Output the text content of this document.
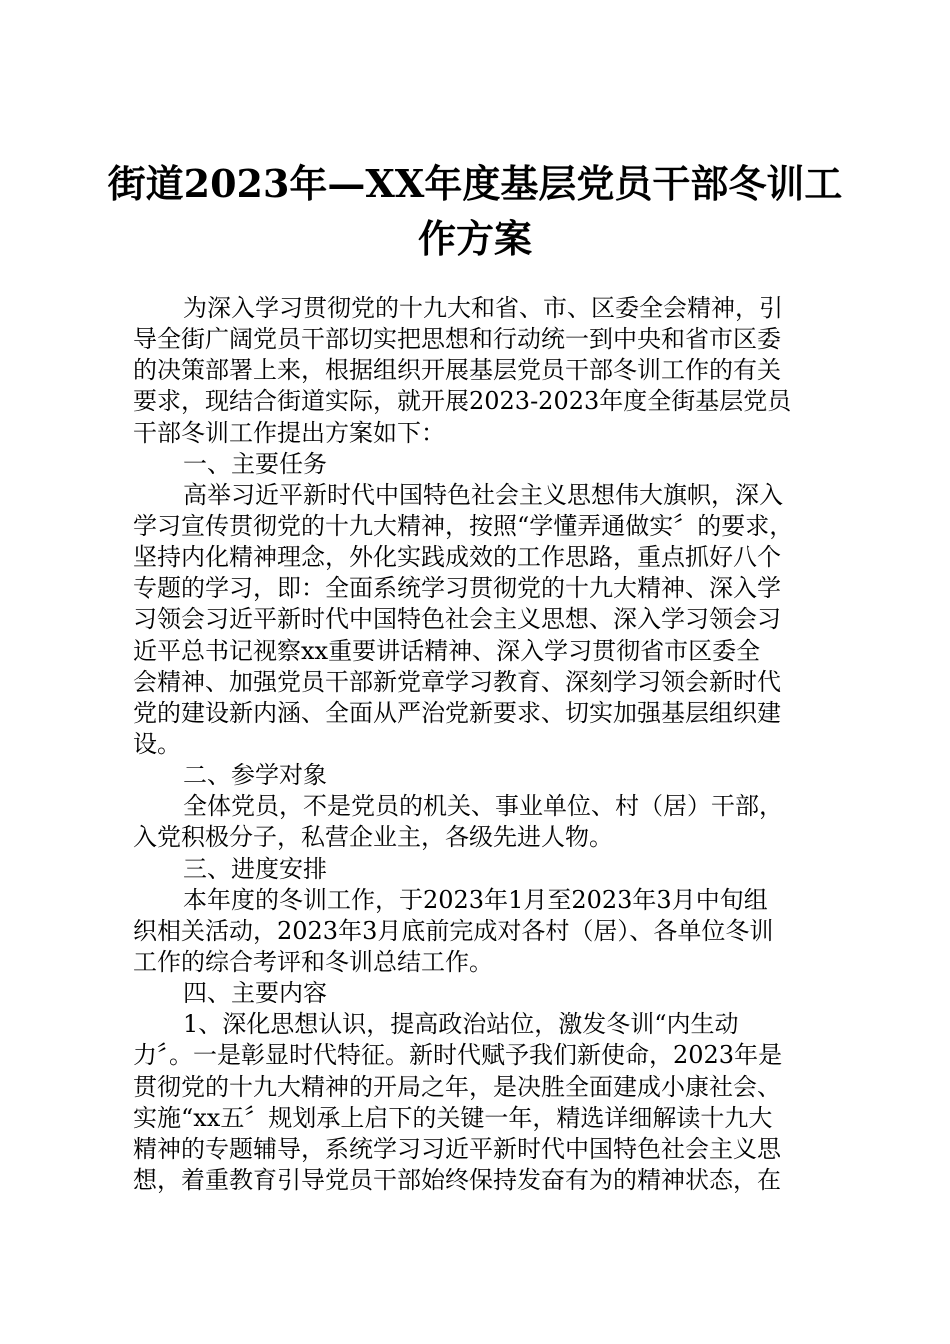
街道2023年—XX年度基层党员干部冬训工
作方案
为深入学习贯彻党的十九大和省、市、区委全会精神，引
导全街广阔党员干部切实把思想和行动统一到中央和省市区委
的决策部署上来，根据组织开展基层党员干部冬训工作的有关
要求，现结合街道实际，就开展2023-2023年度全街基层党员
干部冬训工作提出方案如下：
一、主要任务
高举习近平新时代中国特色社会主义思想伟大旗帜，深入
学习宣传贯彻党的十九大精神，按照“学懂弄通做实〞的要求，
坚持内化精神理念，外化实践成效的工作思路，重点抓好八个
专题的学习，即：全面系统学习贯彻党的十九大精神、深入学
习领会习近平新时代中国特色社会主义思想、深入学习领会习
近平总书记视察xx重要讲话精神、深入学习贯彻省市区委全
会精神、加强党员干部新党章学习教育、深刻学习领会新时代
党的建设新内涵、全面从严治党新要求、切实加强基层组织建
设。
二、参学对象
全体党员，不是党员的机关、事业单位、村（居）干部，
入党积极分子，私营企业主，各级先进人物。
三、进度安排
本年度的冬训工作，于2023年1月至2023年3月中旬组
织相关活动，2023年3月底前完成对各村（居）、各单位冬训
工作的综合考评和冬训总结工作。
四、主要内容
1、深化思想认识，提高政治站位，激发冬训“内生动
力〞。一是彰显时代特征。新时代赋予我们新使命，2023年是
贯彻党的十九大精神的开局之年，是决胜全面建成小康社会、
实施“xx五〞规划承上启下的关键一年，精选详细解读十九大
精神的专题辅导，系统学习习近平新时代中国特色社会主义思
想，着重教育引导党员干部始终保持发奋有为的精神状态，在
